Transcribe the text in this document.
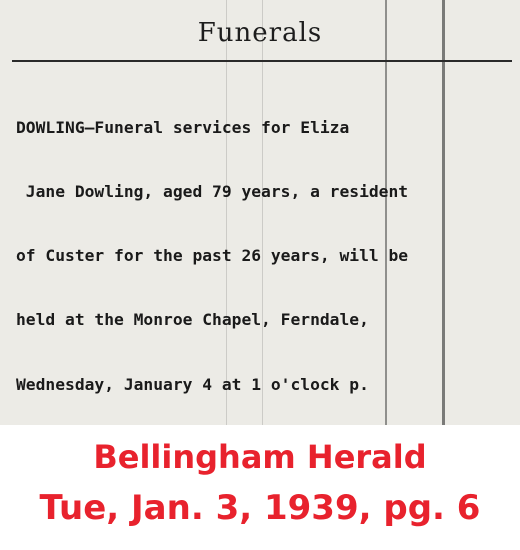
Funerals

DOWLING—Funeral services for Eliza

Jane Dowling, aged 79 years, a resident

of Custer for the past 26 years, will be

held at the Monroe Chapel, Ferndale,

Wednesday, January 4 at 1 o'clock p.

Bellingham Herald
Tue, Jan. 3, 1939, pg. 6
